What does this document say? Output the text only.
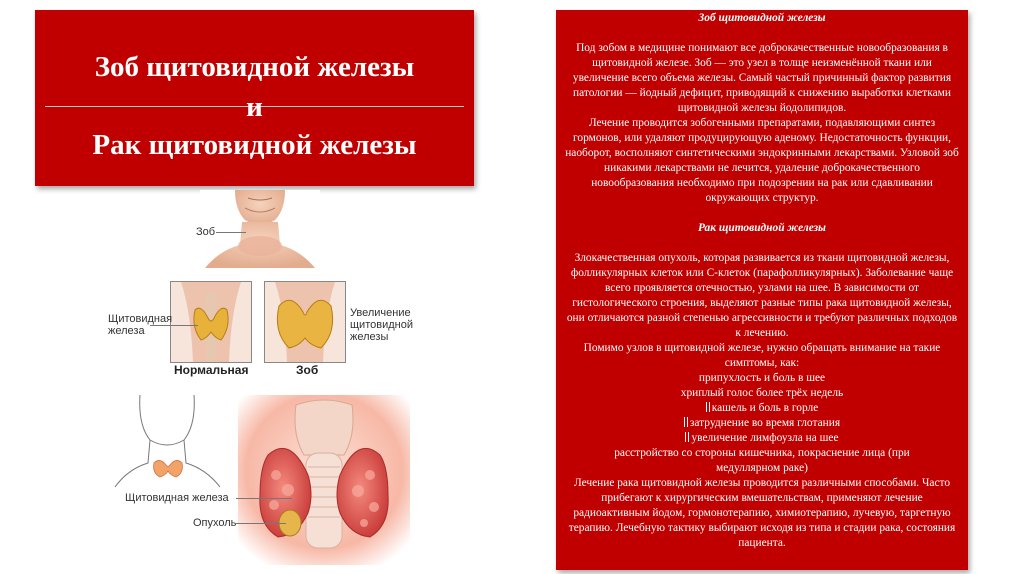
Зоб щитовидной железы
и
Рак щитовидной железы
Зоб
Щитовидная
железа
Увеличение щитовидной железы
Нормальная	Зоб
Щитовидная железа
Опухоль
Зоб щитовидной железы
Под зобом в медицине понимают все доброкачественные новообразования в щитовидной железе. Зоб — это узел в толще неизменённой ткани или увеличение всего объема железы. Самый частый причинный фактор развития патологии — йодный дефицит, приводящий к снижению выработки клетками щитовидной железы йодолипидов.
Лечение проводится зобогенными препаратами, подавляющими синтез гормонов, или удаляют продуцирующую аденому. Недостаточность функции, наоборот, восполняют синтетическими эндокринными лекарствами. Узловой зоб никакими лекарствами не лечится, удаление доброкачественного новообразования необходимо при подозрении на рак или сдавливании окружающих структур.
Рак щитовидной железы
Злокачественная опухоль, которая развивается из ткани щитовидной железы, фолликулярных клеток или С-клеток (парафолликулярных). Заболевание чаще всего проявляется отечностью, узлами на шее. В зависимости от гистологического строения, выделяют разные типы рака щитовидной железы, они отличаются разной степенью агрессивности и требуют различных подходов к лечению.
Помимо узлов в щитовидной железе, нужно обращать внимание на такие симптомы, как:
припухлость и боль в шее
хриплый голос более трёх недель
кашель и боль в горле
затруднение во время глотания
увеличение лимфоузла на шее
расстройство со стороны кишечника, покраснение лица (при медуллярном раке)
Лечение рака щитовидной железы проводится различными способами. Часто прибегают к хирургическим вмешательствам, применяют лечение радиоактивным йодом, гормонотерапию, химиотерапию, лучевую, таргетную терапию. Лечебную тактику выбирают исходя из типа и стадии рака, состояния пациента.
